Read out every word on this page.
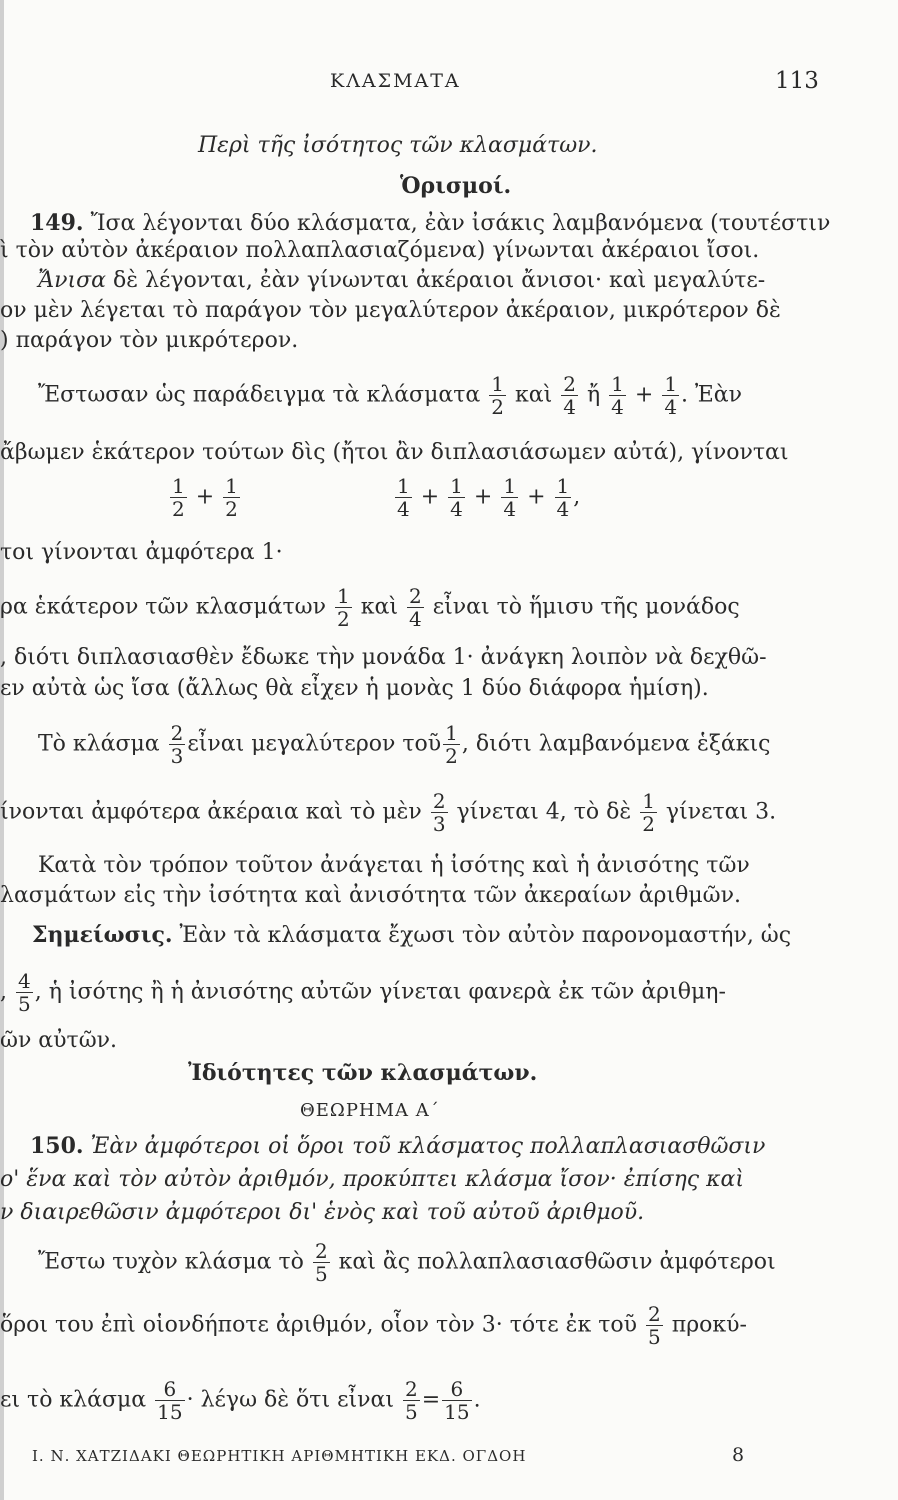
ΚΛΑΣΜΑΤΑ	113
Περὶ τῆς ἰσότητος τῶν κλασμάτων.
Ὁρισμοί.
149. Ἴσα λέγονται δύο κλάσματα, ἐὰν ἰσάκις λαμβανόμενα (τουτέστιν
ὶ τὸν αὐτὸν ἀκέραιον πολλαπλασιαζόμενα) γίνωνται ἀκέραιοι ἴσοι.
Ἄνισα δὲ λέγονται, ἐὰν γίνωνται ἀκέραιοι ἄνισοι· καὶ μεγαλύτε-
ον μὲν λέγεται τὸ παράγον τὸν μεγαλύτερον ἀκέραιον, μικρότερον δὲ
) παράγον τὸν μικρότερον.
Ἔστωσαν ὡς παράδειγμα τὰ κλάσματα $\frac{1}{2}$ καὶ $\frac{2}{4}$ ἤ $\frac{1}{4} + \frac{1}{4}$ . Ἐὰν
ἄβωμεν ἑκάτερον τούτων δὶς (ἤτοι ἂν διπλασιάσωμεν αὐτά), γίνονται
$\frac{1}{2} + \frac{1}{2}$	$\frac{1}{4} + \frac{1}{4} + \frac{1}{4} + \frac{1}{4}$ ,
τοι γίνονται ἀμφότερα 1·
ρα ἑκάτερον τῶν κλασμάτων $\frac{1}{2}$ καὶ $\frac{2}{4}$ εἶναι τὸ ἥμισυ τῆς μονάδος
, διότι διπλασιασθὲν ἔδωκε τὴν μονάδα 1· ἀνάγκη λοιπὸν νὰ δεχθῶ-
εν αὐτὰ ὡς ἴσα (ἄλλως θὰ εἶχεν ἡ μονὰς 1 δύο διάφορα ἡμίση).
Τὸ κλάσμα $\frac{2}{3}$ εἶναι μεγαλύτερον τοῦ $\frac{1}{2}$ , διότι λαμβανόμενα ἑξάκις
ίνονται ἀμφότερα ἀκέραια καὶ τὸ μὲν $\frac{2}{3}$ γίνεται 4, τὸ δὲ $\frac{1}{2}$ γίνεται 3.
Κατὰ τὸν τρόπον τοῦτον ἀνάγεται ἡ ἰσότης καὶ ἡ ἀνισότης τῶν
λασμάτων εἰς τὴν ἰσότητα καὶ ἀνισότητα τῶν ἀκεραίων ἀριθμῶν.
Σημείωσις. Ἐὰν τὰ κλάσματα ἔχωσι τὸν αὐτὸν παρονομαστήν, ὡς
, $\frac{4}{5}$ , ἡ ἰσότης ἢ ἡ ἀνισότης αὐτῶν γίνεται φανερὰ ἐκ τῶν ἀριθμη-
ῶν αὐτῶν.
Ἰδιότητες τῶν κλασμάτων.
ΘΕΩΡΗΜΑ Α΄
150. Ἐὰν ἀμφότεροι οἱ ὅροι τοῦ κλάσματος πολλαπλασιασθῶσιν
ο' ἕνα καὶ τὸν αὐτὸν ἀριθμόν, προκύπτει κλάσμα ἴσον· ἐπίσης καὶ
ν διαιρεθῶσιν ἀμφότεροι δι' ἑνὸς καὶ τοῦ αὐτοῦ ἀριθμοῦ.
Ἔστω τυχὸν κλάσμα τὸ $\frac{2}{5}$ καὶ ἂς πολλαπλασιασθῶσιν ἀμφότεροι
ὅροι του ἐπὶ οἱονδήποτε ἀριθμόν, οἷον τὸν 3· τότε ἐκ τοῦ $\frac{2}{5} \pi\rho o\kappa ύ-$
ει τὸ κλάσμα $\frac{6}{15} \cdot \lambda έ\gamma\omega$ δὲ ὅτι εἶναι $\frac{2}{5} = \frac{6}{15}$ .
Ι. Ν. ΧΑΤΖΙΔΑΚΙ ΘΕΩΡΗΤΙΚΗ ΑΡΙΘΜΗΤΙΚΗ ΕΚΔ. ΟΓΔΟΗ	8
